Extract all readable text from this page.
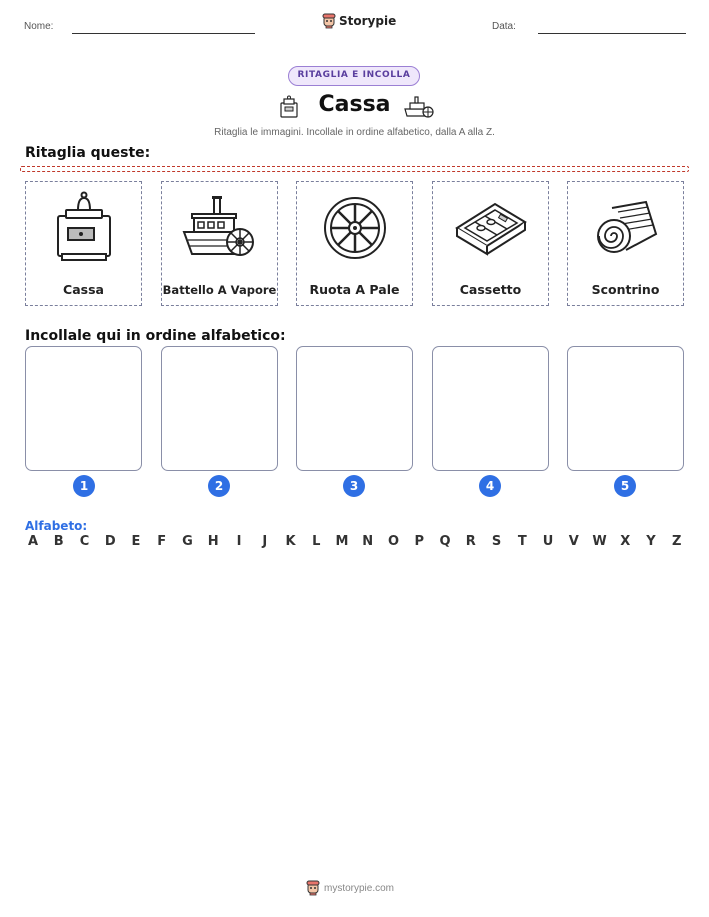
Nome:	Storypie	Data:
RITAGLIA E INCOLLA
Cassa
Ritaglia le immagini. Incollale in ordine alfabetico, dalla A alla Z.
Ritaglia queste:
Cassa	Battello A Vapore	Ruota A Pale	Cassetto	Scontrino
Incollale qui in ordine alfabetico:
1	2	3	4	5
Alfabeto:
A B C D E F G H	I	J	K L M N O P Q R S T U V W X Y Z
mystorypie.com
